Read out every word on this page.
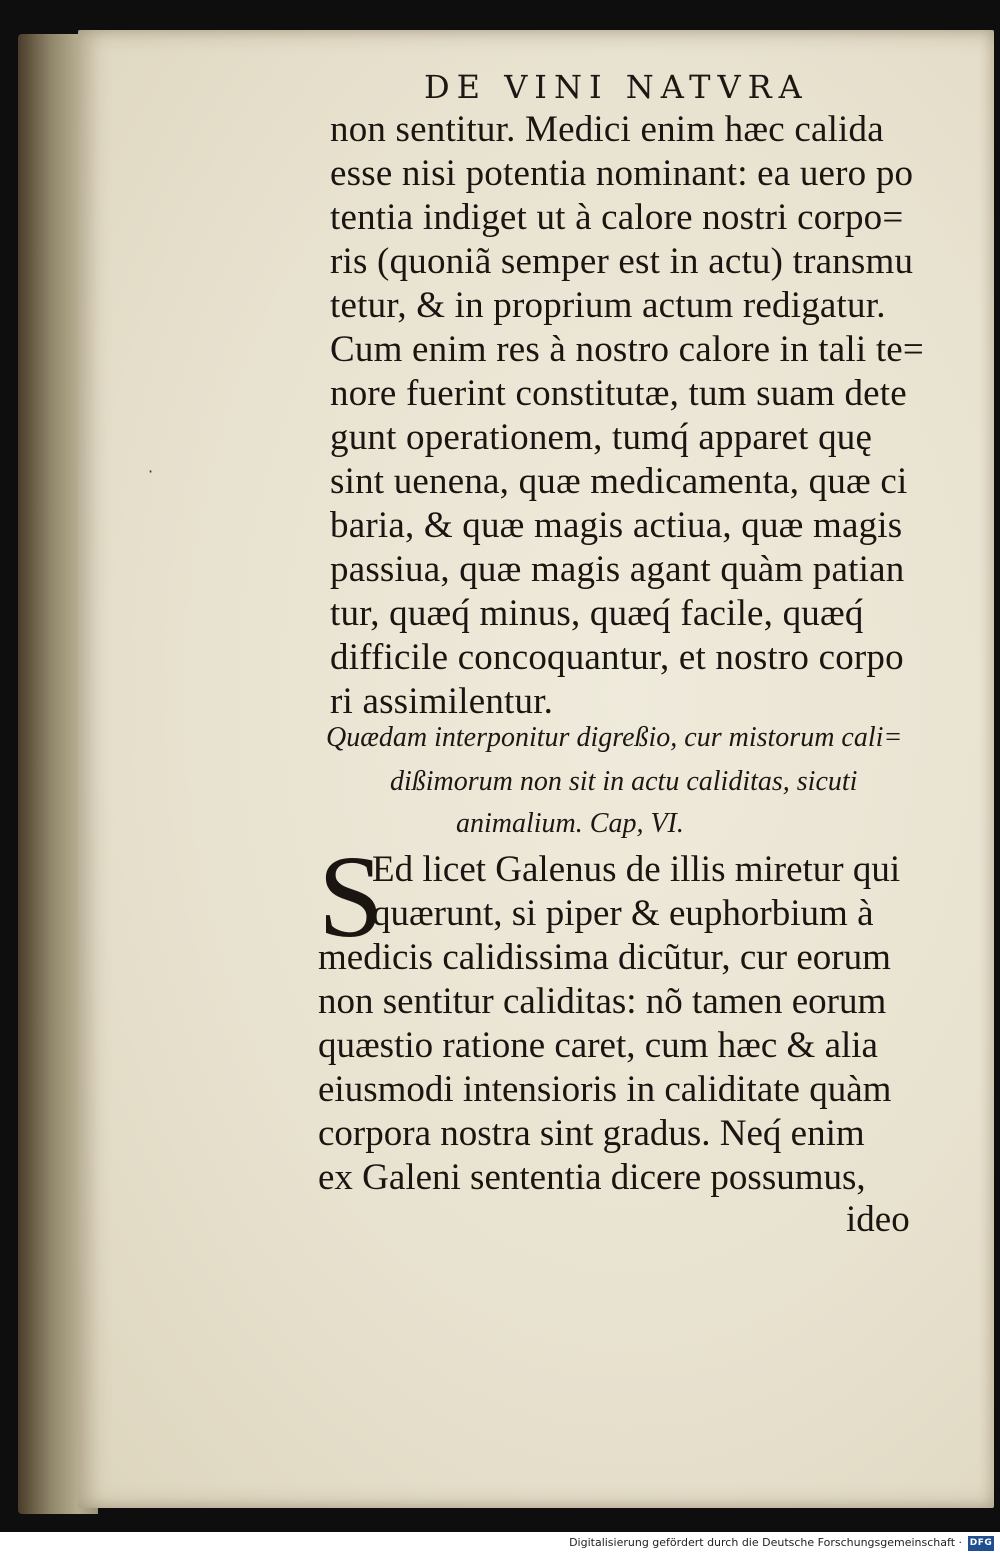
DE VINI NATVRA
·
non sentitur. Medici enim hæc calida
esse nisi potentia nominant: ea uero po
tentia indiget ut à calore nostri corpo=
ris (quoniã semper est in actu) transmu
tetur, & in proprium actum redigatur.
Cum enim res à nostro calore in tali te=
nore fuerint constitutæ, tum suam dete
gunt operationem, tumq́ apparet quę
sint uenena, quæ medicamenta, quæ ci
baria, & quæ magis actiua, quæ magis
passiua, quæ magis agant quàm patian
tur, quæq́ minus, quæq́ facile, quæq́
difficile concoquantur, et nostro corpo
ri assimilentur.
Quædam interponitur digreßio, cur mistorum cali=
dißimorum non sit in actu caliditas, sicuti
animalium. Cap, VI.
S
Ed licet Galenus de illis miretur qui
quærunt, si piper & euphorbium à
medicis calidissima dicũtur, cur eorum
non sentitur caliditas: nõ tamen eorum
quæstio ratione caret, cum hæc & alia
eiusmodi intensioris in caliditate quàm
corpora nostra sint gradus. Neq́ enim
ex Galeni sententia dicere possumus,
ideo
Digitalisierung gefördert durch die Deutsche Forschungsgemeinschaft · DFG
